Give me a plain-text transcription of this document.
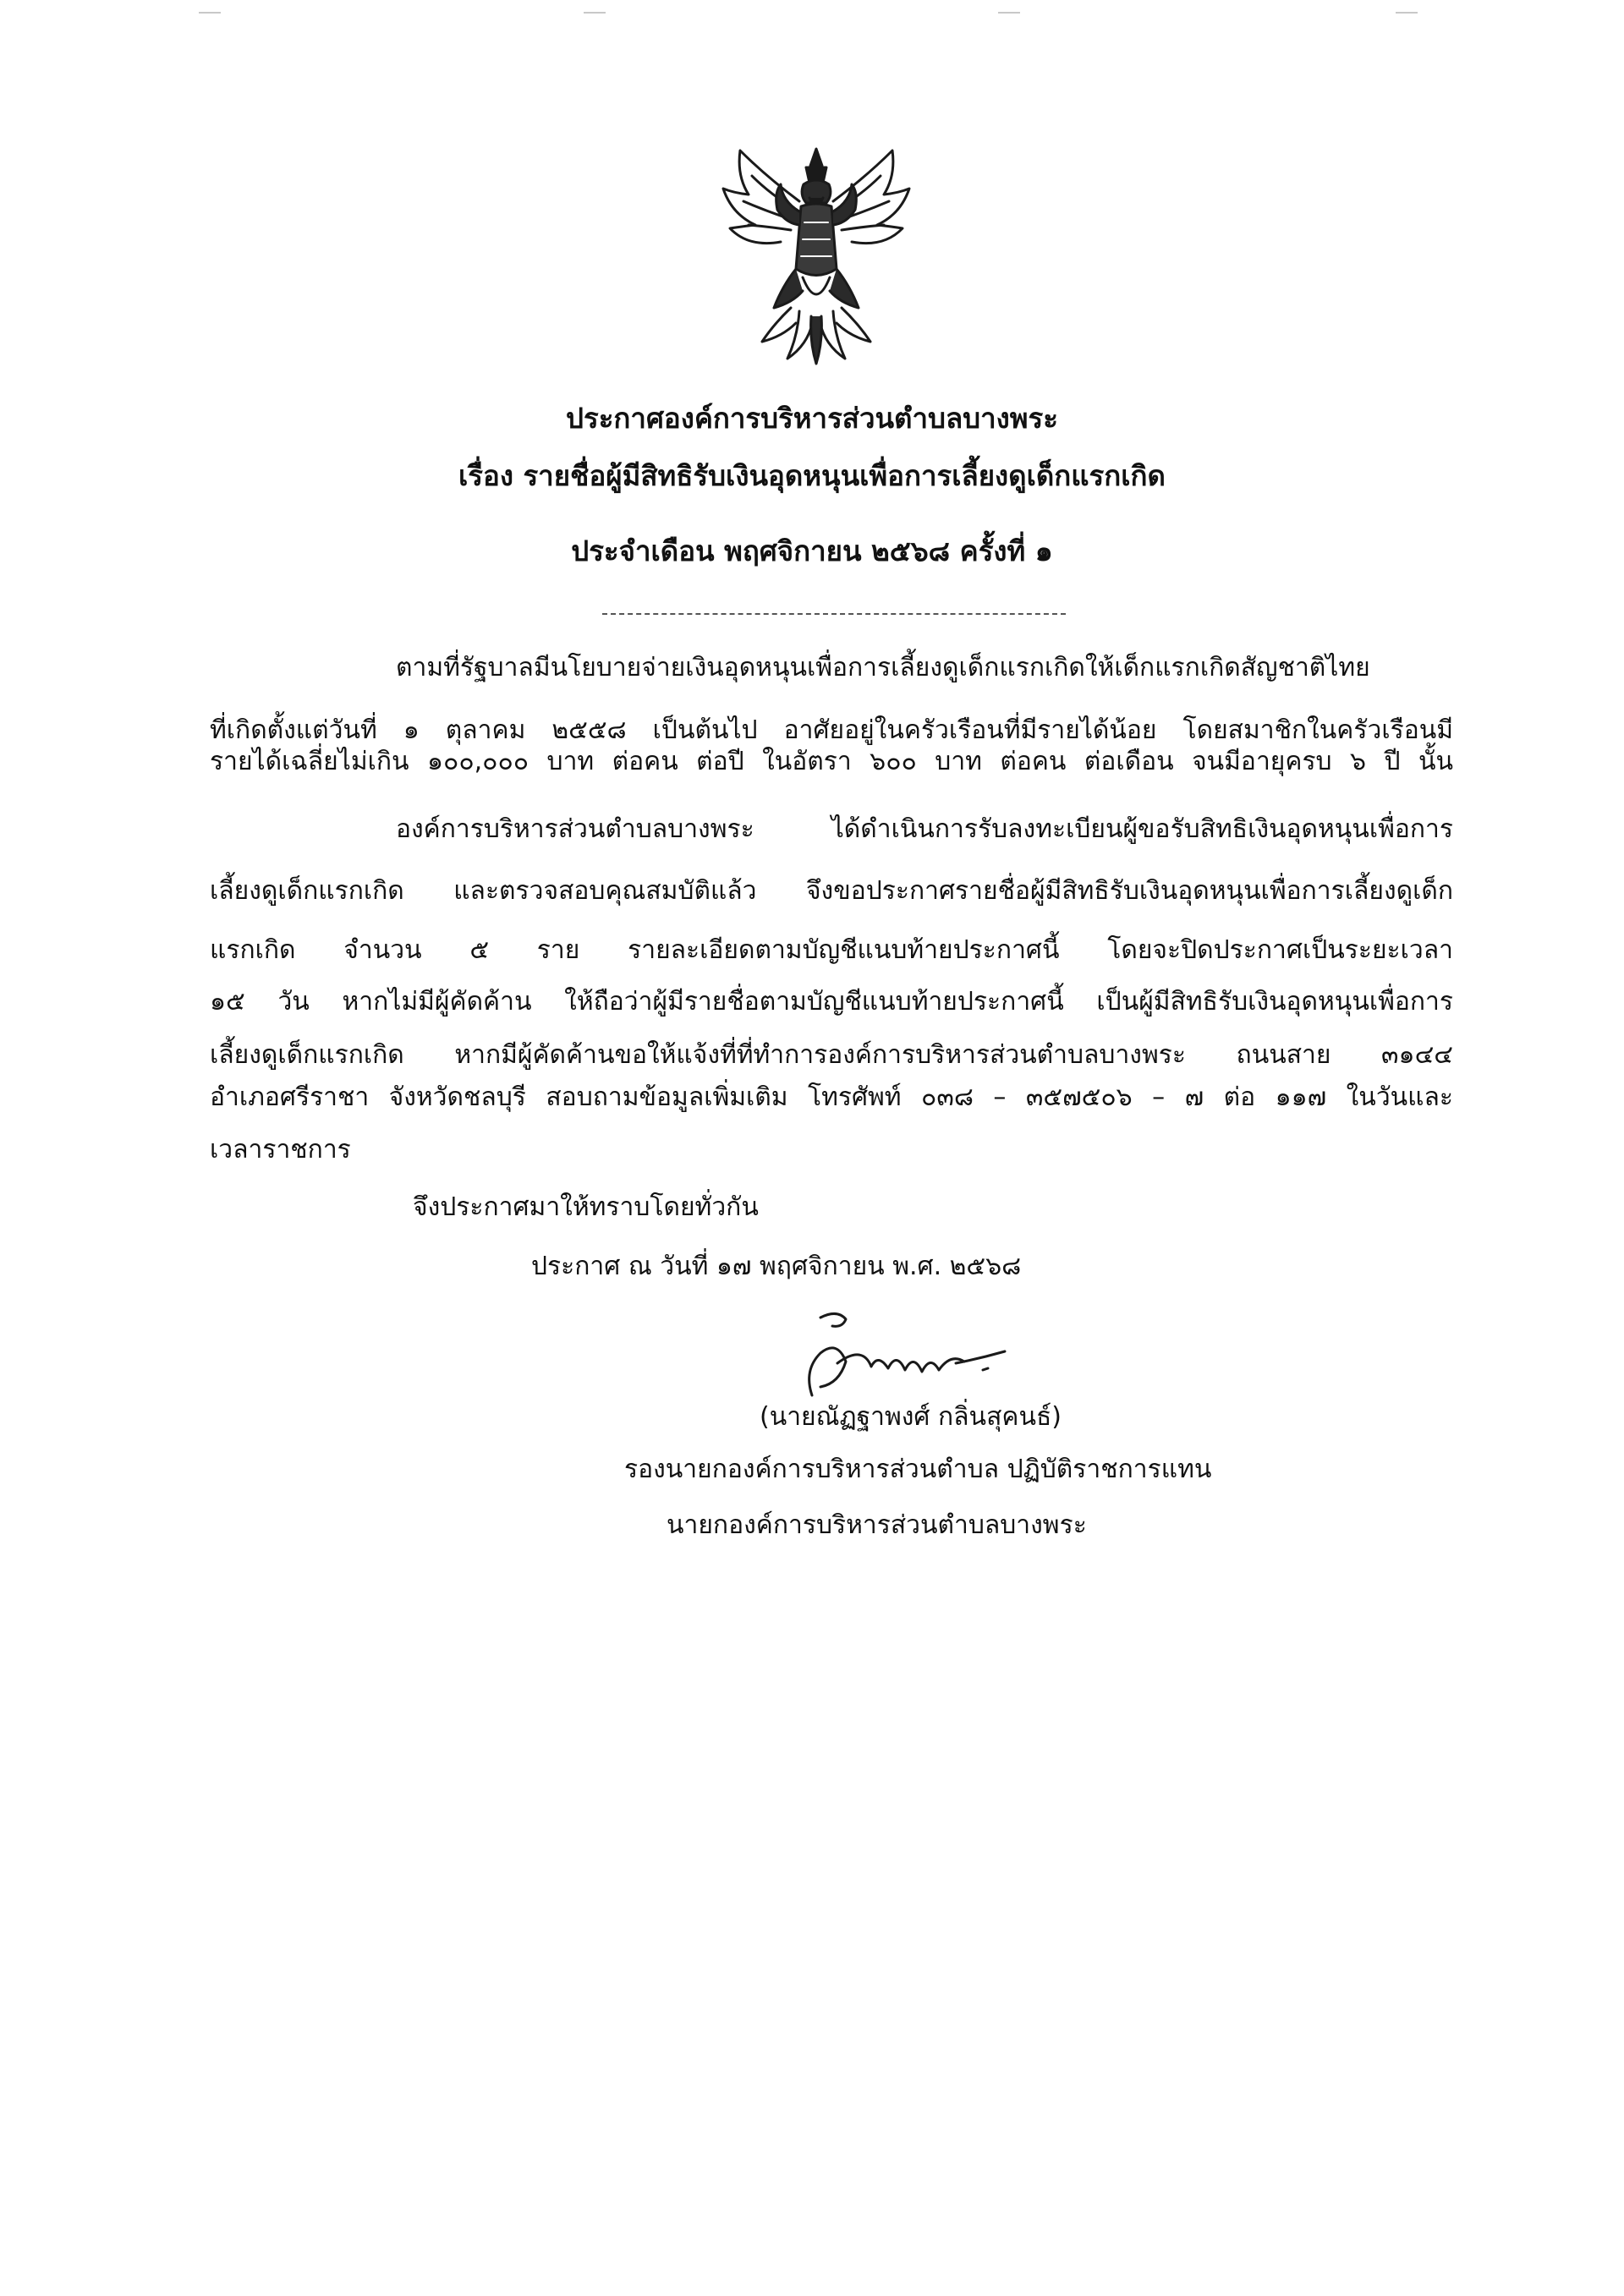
ประกาศองค์การบริหารส่วนตำบลบางพระ
เรื่อง รายชื่อผู้มีสิทธิรับเงินอุดหนุนเพื่อการเลี้ยงดูเด็กแรกเกิด
ประจำเดือน พฤศจิกายน ๒๕๖๘ ครั้งที่ ๑
ตามที่รัฐบาลมีนโยบายจ่ายเงินอุดหนุนเพื่อการเลี้ยงดูเด็กแรกเกิดให้เด็กแรกเกิดสัญชาติไทย
ที่เกิดตั้งแต่วันที่ ๑ ตุลาคม ๒๕๕๘ เป็นต้นไป อาศัยอยู่ในครัวเรือนที่มีรายได้น้อย โดยสมาชิกในครัวเรือนมี
รายได้เฉลี่ยไม่เกิน ๑๐๐,๐๐๐ บาท ต่อคน ต่อปี ในอัตรา ๖๐๐ บาท ต่อคน ต่อเดือน จนมีอายุครบ ๖ ปี นั้น
องค์การบริหารส่วนตำบลบางพระ ได้ดำเนินการรับลงทะเบียนผู้ขอรับสิทธิเงินอุดหนุนเพื่อการ
เลี้ยงดูเด็กแรกเกิด และตรวจสอบคุณสมบัติแล้ว จึงขอประกาศรายชื่อผู้มีสิทธิรับเงินอุดหนุนเพื่อการเลี้ยงดูเด็ก
แรกเกิด จำนวน ๕ ราย รายละเอียดตามบัญชีแนบท้ายประกาศนี้ โดยจะปิดประกาศเป็นระยะเวลา
๑๕ วัน หากไม่มีผู้คัดค้าน ให้ถือว่าผู้มีรายชื่อตามบัญชีแนบท้ายประกาศนี้ เป็นผู้มีสิทธิรับเงินอุดหนุนเพื่อการ
เลี้ยงดูเด็กแรกเกิด หากมีผู้คัดค้านขอให้แจ้งที่ที่ทำการองค์การบริหารส่วนตำบลบางพระ ถนนสาย ๓๑๔๔
อำเภอศรีราชา จังหวัดชลบุรี สอบถามข้อมูลเพิ่มเติม โทรศัพท์ ๐๓๘ – ๓๕๗๕๐๖ – ๗ ต่อ ๑๑๗ ในวันและ
เวลาราชการ
จึงประกาศมาให้ทราบโดยทั่วกัน
ประกาศ ณ วันที่ ๑๗ พฤศจิกายน พ.ศ. ๒๕๖๘
(นายณัฏฐาพงศ์ กลิ่นสุคนธ์)
รองนายกองค์การบริหารส่วนตำบล ปฏิบัติราชการแทน
นายกองค์การบริหารส่วนตำบลบางพระ
